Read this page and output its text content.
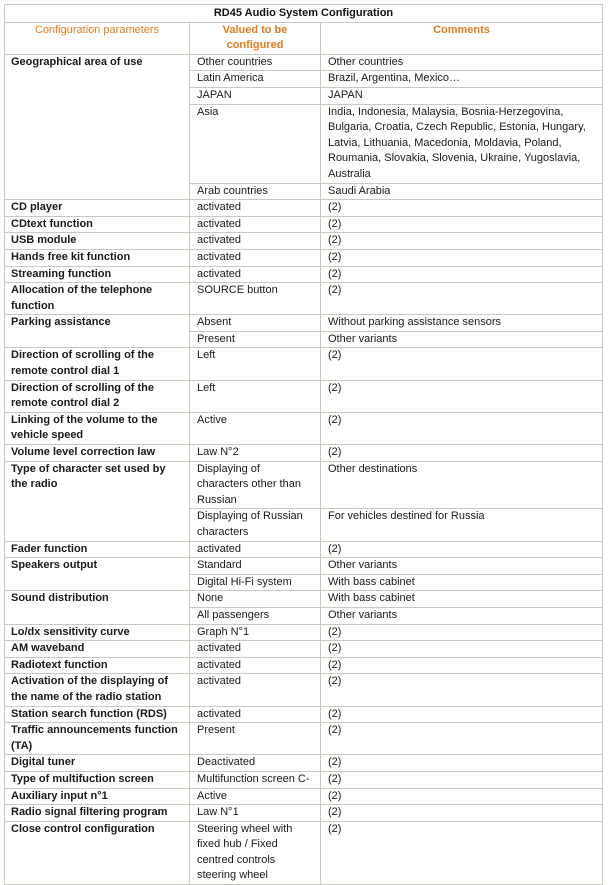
RD45 Audio System Configuration		
Configuration parameters	Valued to be configured	Comments
Geographical area of use	Other countries	Other countries
	Latin America	Brazil, Argentina, Mexico…
	JAPAN	JAPAN
	Asia	India, Indonesia, Malaysia, Bosnia-Herzegovina, Bulgaria, Croatia, Czech Republic, Estonia, Hungary, Latvia, Lithuania, Macedonia, Moldavia, Poland, Roumania, Slovakia, Slovenia, Ukraine, Yugoslavia, Australia
	Arab countries	Saudi Arabia
CD player	activated	(2)
CDtext function	activated	(2)
USB module	activated	(2)
Hands free kit function	activated	(2)
Streaming function	activated	(2)
Allocation of the telephone function	SOURCE button	(2)
Parking assistance	Absent	Without parking assistance sensors
	Present	Other variants
Direction of scrolling of the remote control dial 1	Left	(2)
Direction of scrolling of the remote control dial 2	Left	(2)
Linking of the volume to the vehicle speed	Active	(2)
Volume level correction law	Law N°2	(2)
Type of character set used by the radio	Displaying of characters other than Russian	Other destinations
	Displaying of Russian characters	For vehicles destined for Russia
Fader function	activated	(2)
Speakers output	Standard	Other variants
	Digital Hi-Fi system	With bass cabinet
Sound distribution	None	With bass cabinet
	All passengers	Other variants
Lo/dx sensitivity curve	Graph N°1	(2)
AM waveband	activated	(2)
Radiotext function	activated	(2)
Activation of the displaying of the name of the radio station	activated	(2)
Station search function (RDS)	activated	(2)
Traffic announcements function (TA)	Present	(2)
Digital tuner	Deactivated	(2)
Type of multifuction screen	Multifunction screen C-	(2)
Auxiliary input n°1	Active	(2)
Radio signal filtering program	Law N°1	(2)
Close control configuration	Steering wheel with fixed hub / Fixed centred controls steering wheel	(2)
